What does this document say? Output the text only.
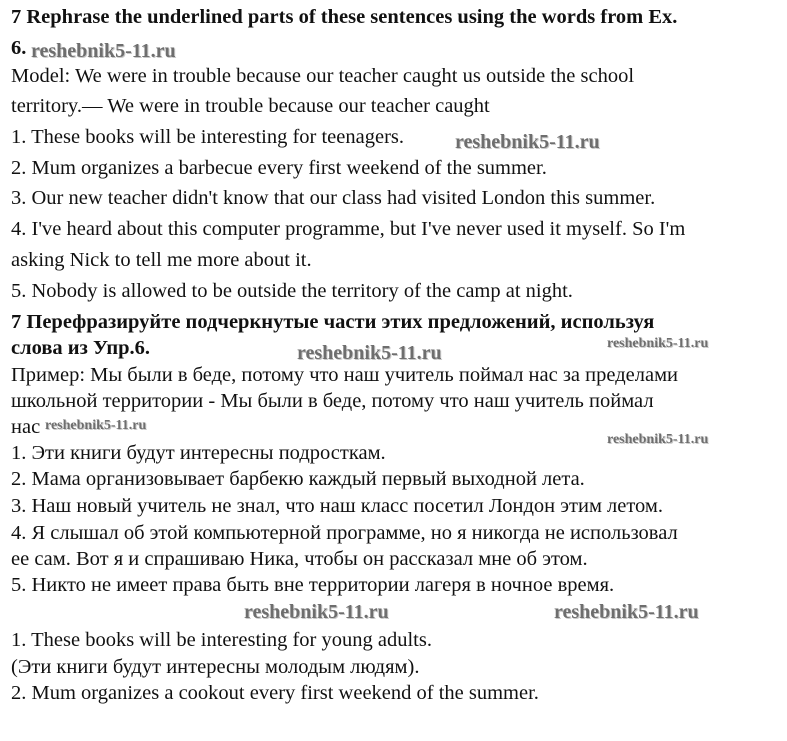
7 Rephrase the underlined parts of these sentences using the words from Ex.
6.
Model: We were in trouble because our teacher caught us outside the school
territory.— We were in trouble because our teacher caught
1. These books will be interesting for teenagers.
2. Mum organizes a barbecue every first weekend of the summer.
3. Our new teacher didn't know that our class had visited London this summer.
4. I've heard about this computer programme, but I've never used it myself. So I'm
asking Nick to tell me more about it.
5. Nobody is allowed to be outside the territory of the camp at night.
7 Перефразируйте подчеркнутые части этих предложений, используя
слова из Упр.6.
Пример: Мы были в беде, потому что наш учитель поймал нас за пределами
школьной территории - Мы были в беде, потому что наш учитель поймал
нас
1. Эти книги будут интересны подросткам.
2. Мама организовывает барбекю каждый первый выходной лета.
3. Наш новый учитель не знал, что наш класс посетил Лондон этим летом.
4. Я слышал об этой компьютерной программе, но я никогда не использовал
ее сам. Вот я и спрашиваю Ника, чтобы он рассказал мне об этом.
5. Никто не имеет права быть вне территории лагеря в ночное время.
1. These books will be interesting for young adults.
(Эти книги будут интересны молодым людям).
2. Mum organizes a cookout every first weekend of the summer.
reshebnik5-11.ru
reshebnik5-11.ru
reshebnik5-11.ru	reshebnik5-11.ru
reshebnik5-11.ru
reshebnik5-11.ru
reshebnik5-11.ru	reshebnik5-11.ru
